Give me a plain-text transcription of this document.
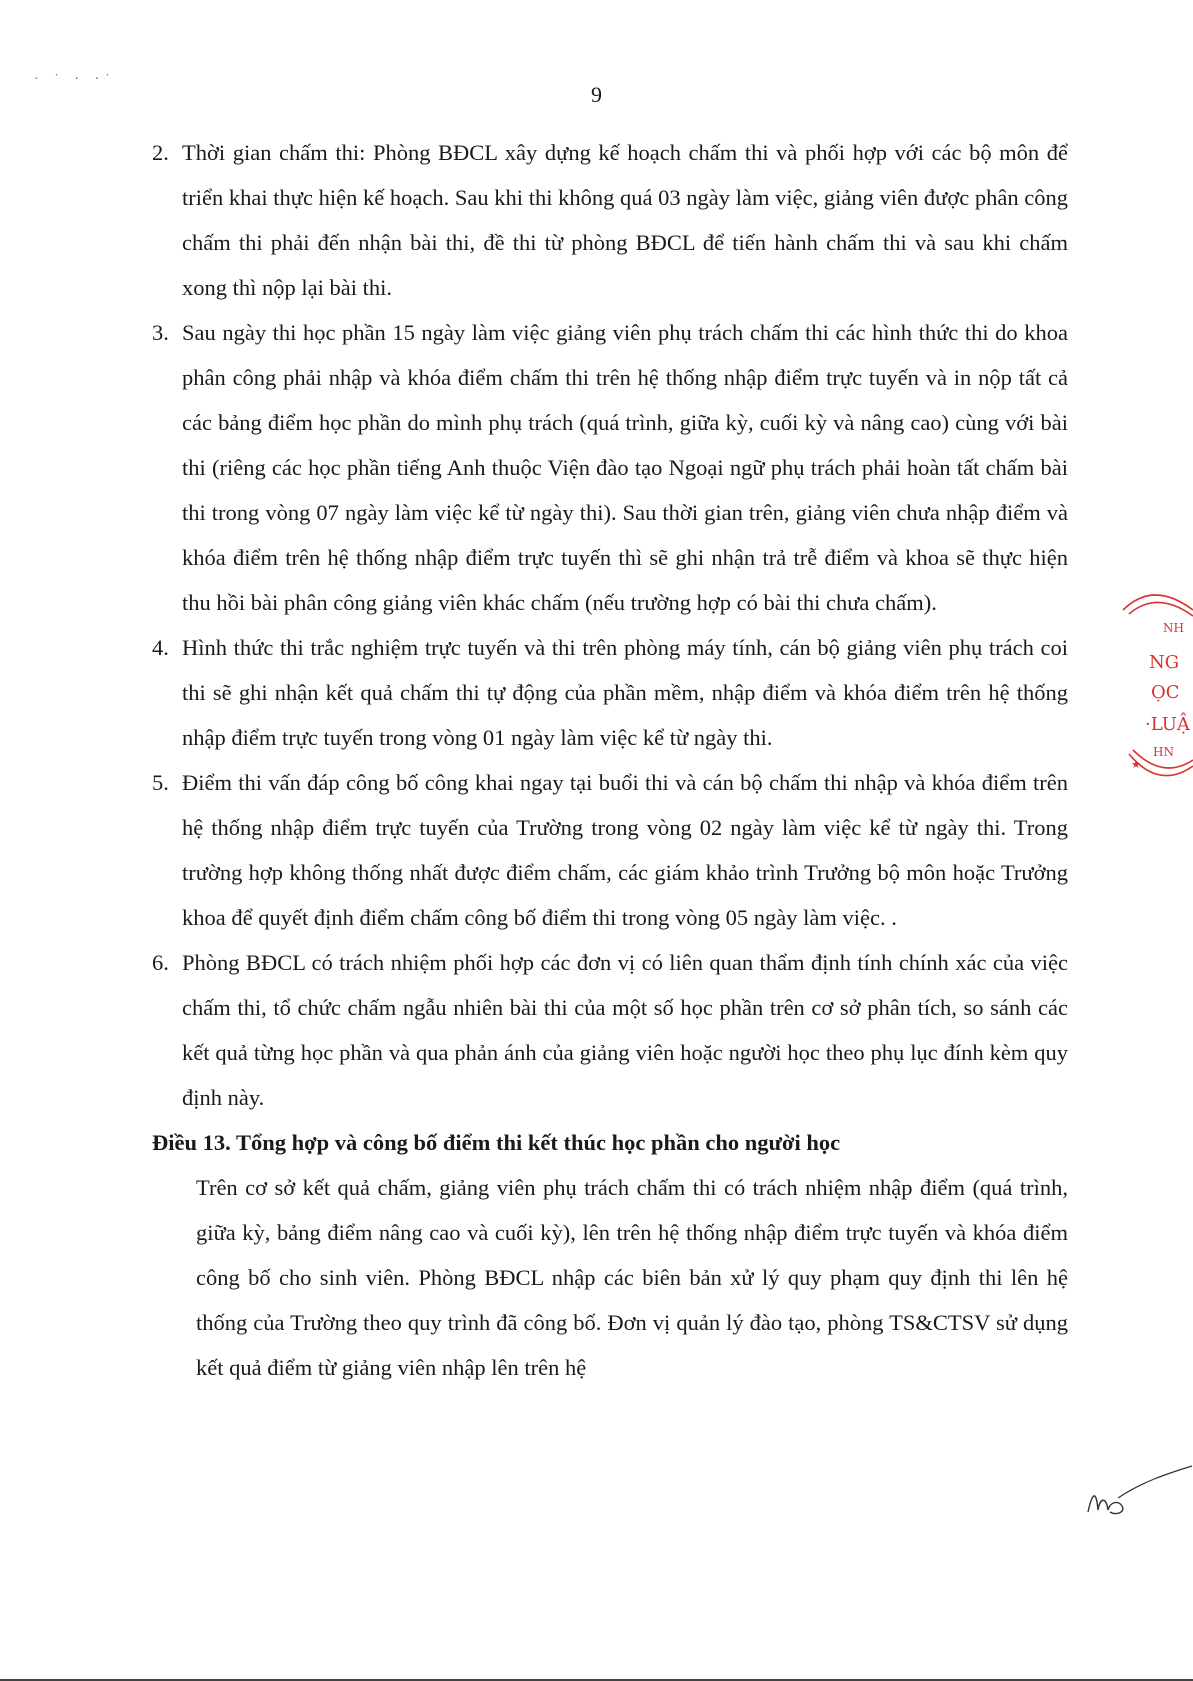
· ˙ · ·˙
9
2. Thời gian chấm thi: Phòng BĐCL xây dựng kế hoạch chấm thi và phối hợp với các bộ môn để triển khai thực hiện kế hoạch. Sau khi thi không quá 03 ngày làm việc, giảng viên được phân công chấm thi phải đến nhận bài thi, đề thi từ phòng BĐCL để tiến hành chấm thi và sau khi chấm xong thì nộp lại bài thi.
3. Sau ngày thi học phần 15 ngày làm việc giảng viên phụ trách chấm thi các hình thức thi do khoa phân công phải nhập và khóa điểm chấm thi trên hệ thống nhập điểm trực tuyến và in nộp tất cả các bảng điểm học phần do mình phụ trách (quá trình, giữa kỳ, cuối kỳ và nâng cao) cùng với bài thi (riêng các học phần tiếng Anh thuộc Viện đào tạo Ngoại ngữ phụ trách phải hoàn tất chấm bài thi trong vòng 07 ngày làm việc kể từ ngày thi). Sau thời gian trên, giảng viên chưa nhập điểm và khóa điểm trên hệ thống nhập điểm trực tuyến thì sẽ ghi nhận trả trễ điểm và khoa sẽ thực hiện thu hồi bài phân công giảng viên khác chấm (nếu trường hợp có bài thi chưa chấm).
4. Hình thức thi trắc nghiệm trực tuyến và thi trên phòng máy tính, cán bộ giảng viên phụ trách coi thi sẽ ghi nhận kết quả chấm thi tự động của phần mềm, nhập điểm và khóa điểm trên hệ thống nhập điểm trực tuyến trong vòng 01 ngày làm việc kể từ ngày thi.
5. Điểm thi vấn đáp công bố công khai ngay tại buổi thi và cán bộ chấm thi nhập và khóa điểm trên hệ thống nhập điểm trực tuyến của Trường trong vòng 02 ngày làm việc kể từ ngày thi. Trong trường hợp không thống nhất được điểm chấm, các giám khảo trình Trưởng bộ môn hoặc Trưởng khoa để quyết định điểm chấm công bố điểm thi trong vòng 05 ngày làm việc. .
6. Phòng BĐCL có trách nhiệm phối hợp các đơn vị có liên quan thẩm định tính chính xác của việc chấm thi, tổ chức chấm ngẫu nhiên bài thi của một số học phần trên cơ sở phân tích, so sánh các kết quả từng học phần và qua phản ánh của giảng viên hoặc người học theo phụ lục đính kèm quy định này.
Điều 13. Tổng hợp và công bố điểm thi kết thúc học phần cho người học
Trên cơ sở kết quả chấm, giảng viên phụ trách chấm thi có trách nhiệm nhập điểm (quá trình, giữa kỳ, bảng điểm nâng cao và cuối kỳ), lên trên hệ thống nhập điểm trực tuyến và khóa điểm công bố cho sinh viên. Phòng BĐCL nhập các biên bản xử lý quy phạm quy định thi lên hệ thống của Trường theo quy trình đã công bố. Đơn vị quản lý đào tạo, phòng TS&CTSV sử dụng kết quả điểm từ giảng viên nhập lên trên hệ
NH
NG
ỌC
·LUẬ
HN
★
